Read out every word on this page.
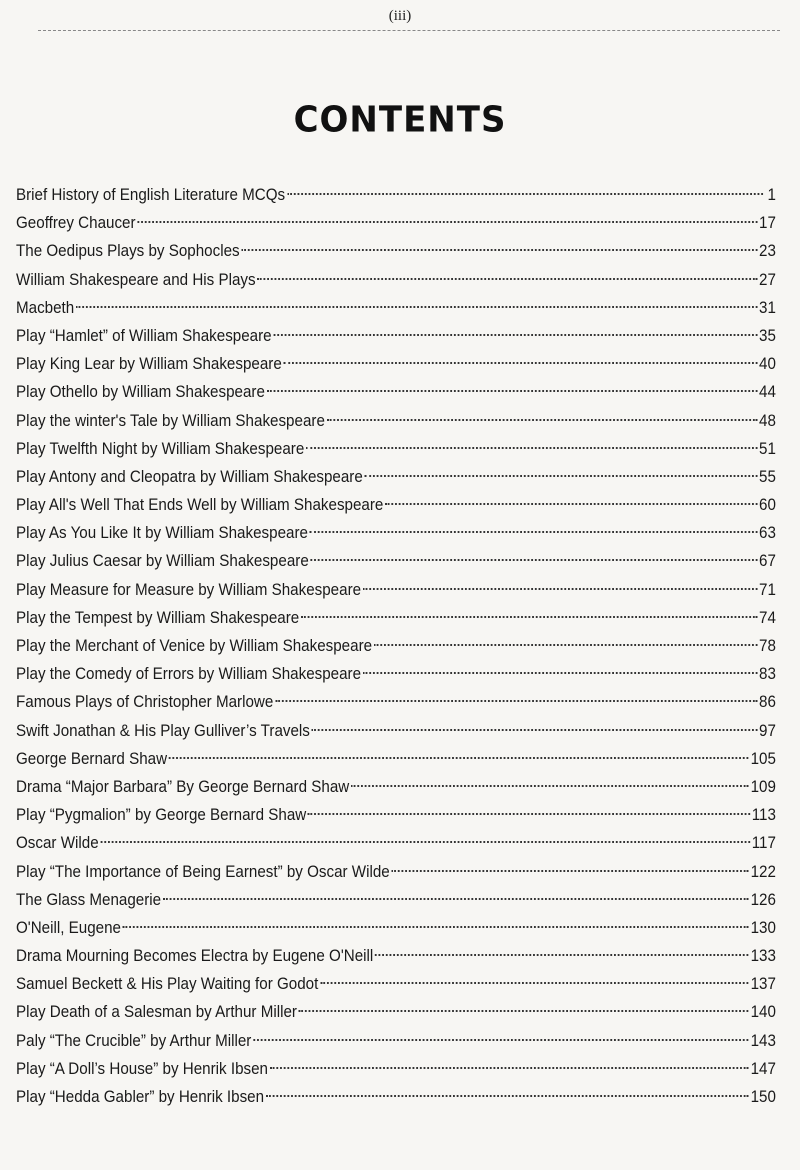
(iii)
CONTENTS
Brief History of English Literature MCQs	1
Geoffrey Chaucer	17
The Oedipus Plays by Sophocles	23
William Shakespeare and His Plays	27
Macbeth	31
Play “Hamlet” of William Shakespeare	35
Play King Lear by William Shakespeare	40
Play Othello by William Shakespeare	44
Play the winter's Tale by William Shakespeare	48
Play Twelfth Night by William Shakespeare	51
Play Antony and Cleopatra by William Shakespeare	55
Play All's Well That Ends Well by William Shakespeare	60
Play As You Like It by William Shakespeare	63
Play Julius Caesar by William Shakespeare	67
Play Measure for Measure by William Shakespeare	71
Play the Tempest by William Shakespeare	74
Play the Merchant of Venice by William Shakespeare	78
Play the Comedy of Errors by William Shakespeare	83
Famous Plays of Christopher Marlowe	86
Swift Jonathan & His Play Gulliver’s Travels	97
George Bernard Shaw	105
Drama “Major Barbara” By George Bernard Shaw	109
Play “Pygmalion” by George Bernard Shaw	113
Oscar Wilde	117
Play “The Importance of Being Earnest” by Oscar Wilde	122
The Glass Menagerie	126
O'Neill, Eugene	130
Drama Mourning Becomes Electra by Eugene O'Neill	133
Samuel Beckett & His Play Waiting for Godot	137
Play Death of a Salesman by Arthur Miller	140
Paly “The Crucible” by Arthur Miller	143
Play “A Doll’s House” by Henrik Ibsen	147
Play “Hedda Gabler” by Henrik Ibsen	150
